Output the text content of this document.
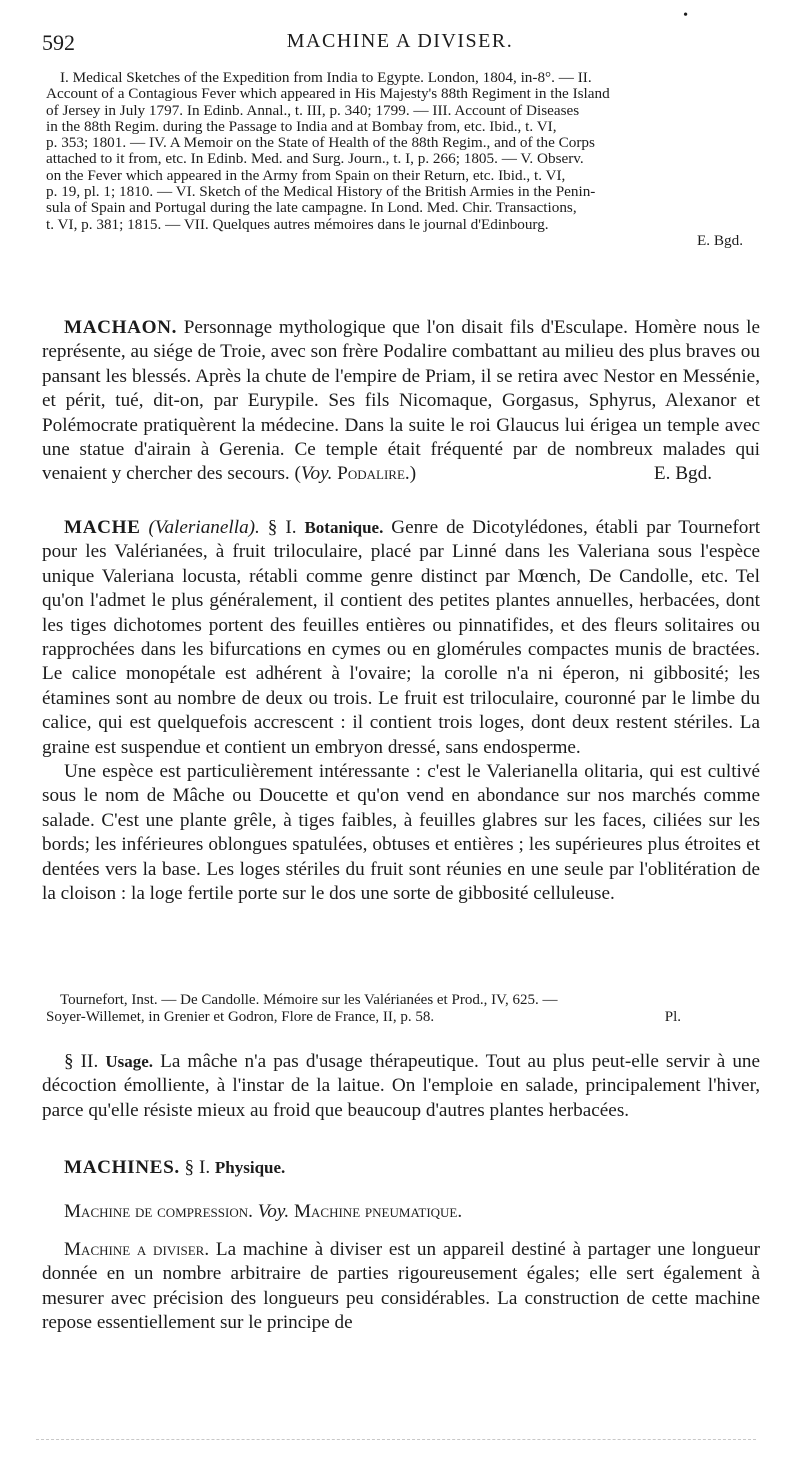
592	MACHINE A DIVISER.
•

I. Medical Sketches of the Expedition from India to Egypte. London, 1804, in-8°. — II.

Account of a Contagious Fever which appeared in His Majesty's 88th Regiment in the Island
of Jersey in July 1797. In Edinb. Annal., t. III, p. 340; 1799. — III. Account of Diseases
in the 88th Regim. during the Passage to India and at Bombay from, etc. Ibid., t. VI,
p. 353; 1801. — IV. A Memoir on the State of Health of the 88th Regim., and of the Corps
attached to it from, etc. In Edinb. Med. and Surg. Journ., t. I, p. 266; 1805. — V. Observ.
on the Fever which appeared in the Army from Spain on their Return, etc. Ibid., t. VI,
p. 19, pl. 1; 1810. — VI. Sketch of the Medical History of the British Armies in the Penin-
sula of Spain and Portugal during the late campagne. In Lond. Med. Chir. Transactions,
t. VI, p. 381; 1815. — VII. Quelques autres mémoires dans le journal d'Edinbourg.
E. Bgd.

MACHAON. Personnage mythologique que l'on disait fils d'Esculape. Homère nous le représente, au siége de Troie, avec son frère Podalire combattant au milieu des plus braves ou pansant les blessés. Après la chute de l'empire de Priam, il se retira avec Nestor en Messénie, et périt, tué, dit-on, par Eurypile. Ses fils Nicomaque, Gorgasus, Sphyrus, Alexanor et Polémocrate pratiquèrent la médecine. Dans la suite le roi Glaucus lui érigea un temple avec une statue d'airain à Gerenia. Ce temple était fréquenté par de nombreux malades qui venaient y chercher des secours. (Voy. Podalire.)	E. Bgd.

MACHE (Valerianella). § I. Botanique. Genre de Dicotylédones, établi par Tournefort pour les Valérianées, à fruit triloculaire, placé par Linné dans les Valeriana sous l'espèce unique Valeriana locusta, rétabli comme genre distinct par Mœnch, De Candolle, etc. Tel qu'on l'admet le plus généralement, il contient des petites plantes annuelles, herbacées, dont les tiges dichotomes portent des feuilles entières ou pinnatifides, et des fleurs solitaires ou rapprochées dans les bifurcations en cymes ou en glomérules compactes munis de bractées. Le calice monopétale est adhérent à l'ovaire; la corolle n'a ni éperon, ni gibbosité; les étamines sont au nombre de deux ou trois. Le fruit est triloculaire, couronné par le limbe du calice, qui est quelquefois accrescent : il contient trois loges, dont deux restent stériles. La graine est suspendue et contient un embryon dressé, sans endosperme.

Une espèce est particulièrement intéressante : c'est le Valerianella olitaria, qui est cultivé sous le nom de Mâche ou Doucette et qu'on vend en abondance sur nos marchés comme salade. C'est une plante grêle, à tiges faibles, à feuilles glabres sur les faces, ciliées sur les bords; les inférieures oblongues spatulées, obtuses et entières ; les supérieures plus étroites et dentées vers la base. Les loges stériles du fruit sont réunies en une seule par l'oblitération de la cloison : la loge fertile porte sur le dos une sorte de gibbosité celluleuse.

Tournefort, Inst. — De Candolle. Mémoire sur les Valérianées et Prod., IV, 625. —

Soyer-Willemet, in Grenier et Godron, Flore de France, II, p. 58.	Pl.

§ II. Usage. La mâche n'a pas d'usage thérapeutique. Tout au plus peut-elle servir à une décoction émolliente, à l'instar de la laitue. On l'emploie en salade, principalement l'hiver, parce qu'elle résiste mieux au froid que beaucoup d'autres plantes herbacées.

MACHINES. § I. Physique.

Machine de compression. Voy. Machine pneumatique.

Machine a diviser. La machine à diviser est un appareil destiné à partager une longueur donnée en un nombre arbitraire de parties rigoureusement égales; elle sert également à mesurer avec précision des longueurs peu considérables. La construction de cette machine repose essentiellement sur le principe de
